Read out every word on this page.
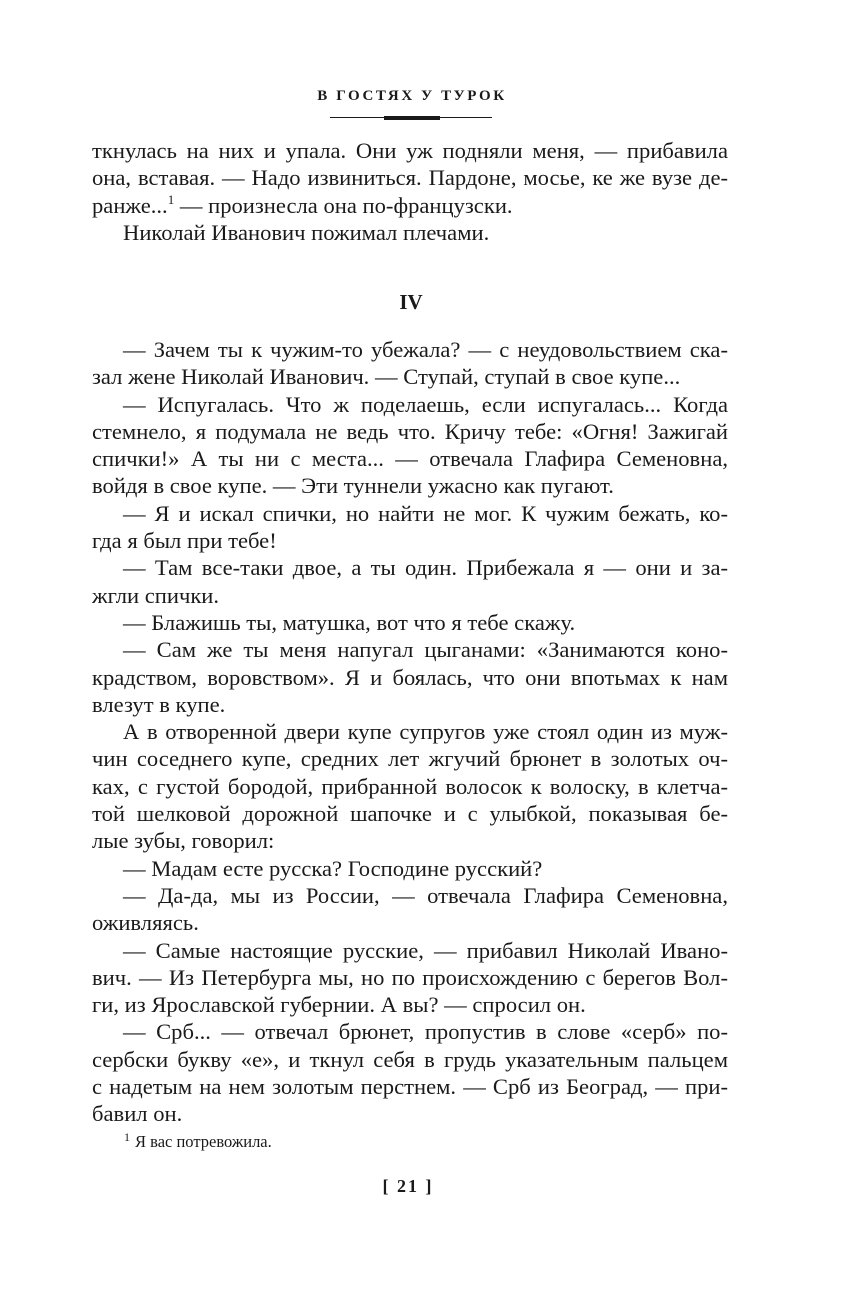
В ГОСТЯХ У ТУРОК
ткнулась на них и упала. Они уж подняли меня, — прибавила
она, вставая. — Надо извиниться. Пардоне, мосье, ке же вузе де-
ранже...$^1$ — произнесла она по-французски.
Николай Иванович пожимал плечами.
IV
— Зачем ты к чужим-то убежала? — с неудовольствием ска-
зал жене Николай Иванович. — Ступай, ступай в свое купе...
— Испугалась. Что ж поделаешь, если испугалась... Когда
стемнело, я подумала не ведь что. Кричу тебе: «Огня! Зажигай
спички!» А ты ни с места... — отвечала Глафира Семеновна,
войдя в свое купе. — Эти туннели ужасно как пугают.
— Я и искал спички, но найти не мог. К чужим бежать, ко-
гда я был при тебе!
— Там все-таки двое, а ты один. Прибежала я — они и за-
жгли спички.
— Блажишь ты, матушка, вот что я тебе скажу.
— Сам же ты меня напугал цыганами: «Занимаются коно-
крадством, воровством». Я и боялась, что они впотьмах к нам
влезут в купе.
А в отворенной двери купе супругов уже стоял один из муж-
чин соседнего купе, средних лет жгучий брюнет в золотых оч-
ках, с густой бородой, прибранной волосок к волоску, в клетча-
той шелковой дорожной шапочке и с улыбкой, показывая бе-
лые зубы, говорил:
— Мадам есте русска? Господине русский?
— Да-да, мы из России, — отвечала Глафира Семеновна,
оживляясь.
— Самые настоящие русские, — прибавил Николай Ивано-
вич. — Из Петербурга мы, но по происхождению с берегов Вол-
ги, из Ярославской губернии. А вы? — спросил он.
— Срб... — отвечал брюнет, пропустив в слове «серб» по-
сербски букву «е», и ткнул себя в грудь указательным пальцем
с надетым на нем золотым перстнем. — Срб из Београд, — при-
бавил он.
$^1$ Я вас потревожила.
[ 21 ]
